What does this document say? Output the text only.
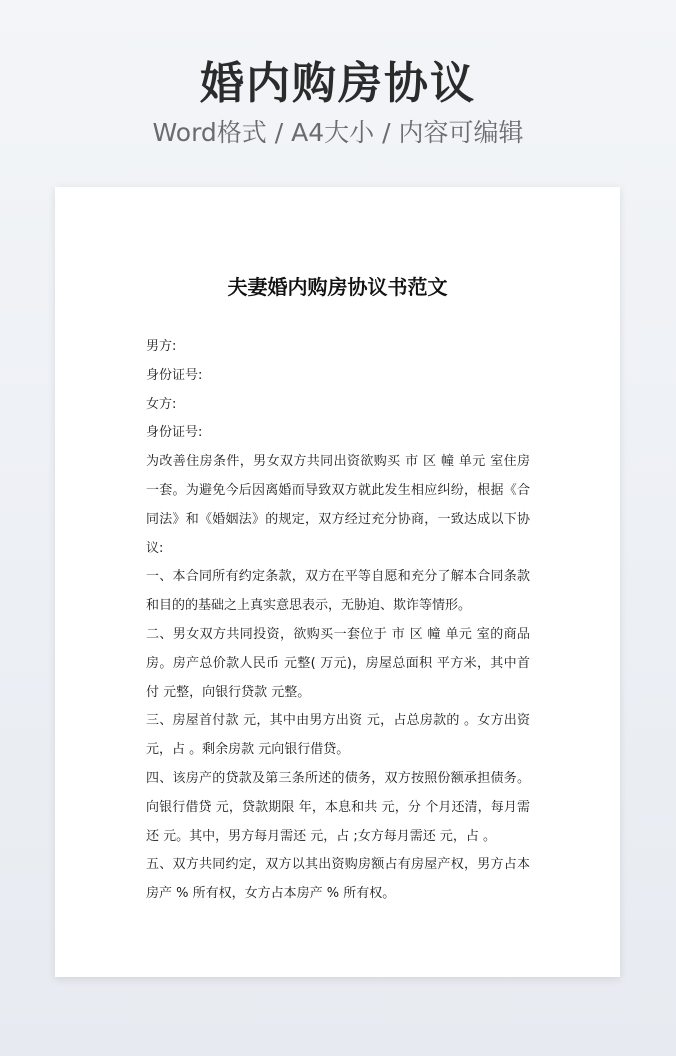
婚内购房协议
Word格式 / A4大小 / 内容可编辑
夫妻婚内购房协议书范文

男方:

身份证号:

女方:

身份证号:

为改善住房条件，男女双方共同出资欲购买 市 区 幢 单元 室住房一套。为避免今后因离婚而导致双方就此发生相应纠纷，根据《合同法》和《婚姻法》的规定，双方经过充分协商，一致达成以下协议:

一、本合同所有约定条款，双方在平等自愿和充分了解本合同条款和目的的基础之上真实意思表示，无胁迫、欺诈等情形。

二、男女双方共同投资，欲购买一套位于 市 区 幢 单元 室的商品房。房产总价款人民币 元整( 万元)，房屋总面积 平方米，其中首付 元整，向银行贷款 元整。

三、房屋首付款 元，其中由男方出资 元，占总房款的 。女方出资 元，占 。剩余房款 元向银行借贷。

四、该房产的贷款及第三条所述的债务，双方按照份额承担债务。向银行借贷 元，贷款期限 年，本息和共 元，分 个月还清，每月需还 元。其中，男方每月需还 元，占 ;女方每月需还 元，占 。

五、双方共同约定，双方以其出资购房额占有房屋产权，男方占本房产 % 所有权，女方占本房产 % 所有权。
